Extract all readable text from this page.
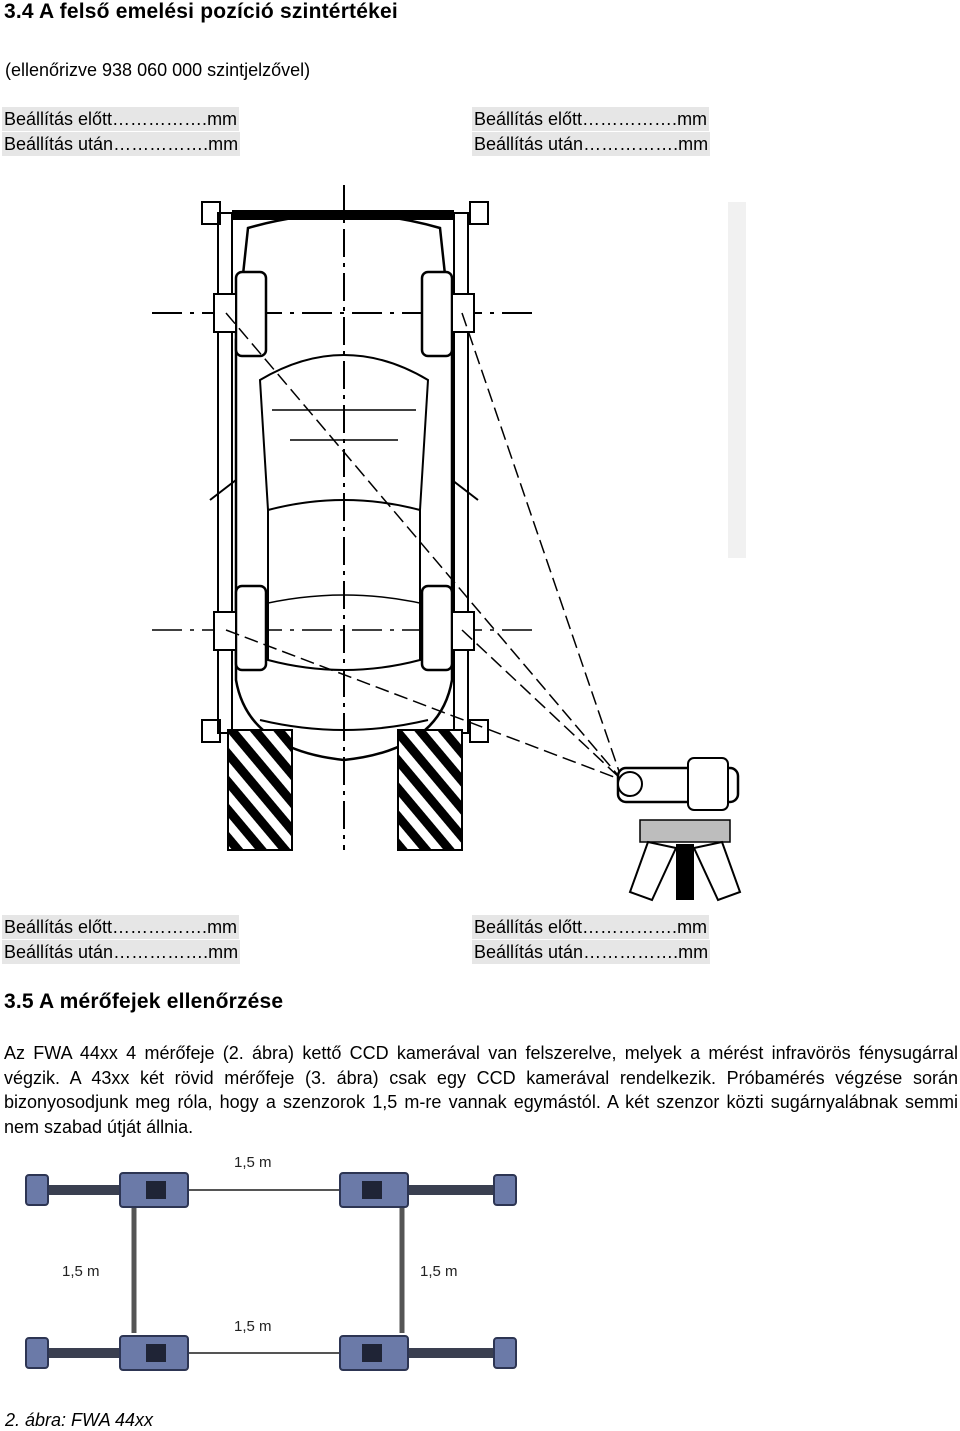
3.4 A felső emelési pozíció szintértékei
(ellenőrizve 938 060 000 szintjelzővel)
Beállítás előtt…………….mm
Beállítás után…………….mm
Beállítás előtt…………….mm
Beállítás után…………….mm
Beállítás előtt…………….mm
Beállítás után…………….mm
Beállítás előtt…………….mm
Beállítás után…………….mm
3.5 A mérőfejek ellenőrzése
Az FWA 44xx 4 mérőfeje (2. ábra) kettő CCD kamerával van felszerelve, melyek a mérést infravörös fénysugárral végzik. A 43xx két rövid mérőfeje (3. ábra) csak egy CCD kamerával rendelkezik. Próbamérés végzése során bizonyosodjunk meg róla, hogy a szenzorok 1,5 m-re vannak egymástól. A két szenzor közti sugárnyalábnak semmi nem szabad útját állnia.
1,5 m
1,5 m
1,5 m	1,5 m
2. ábra: FWA 44xx
